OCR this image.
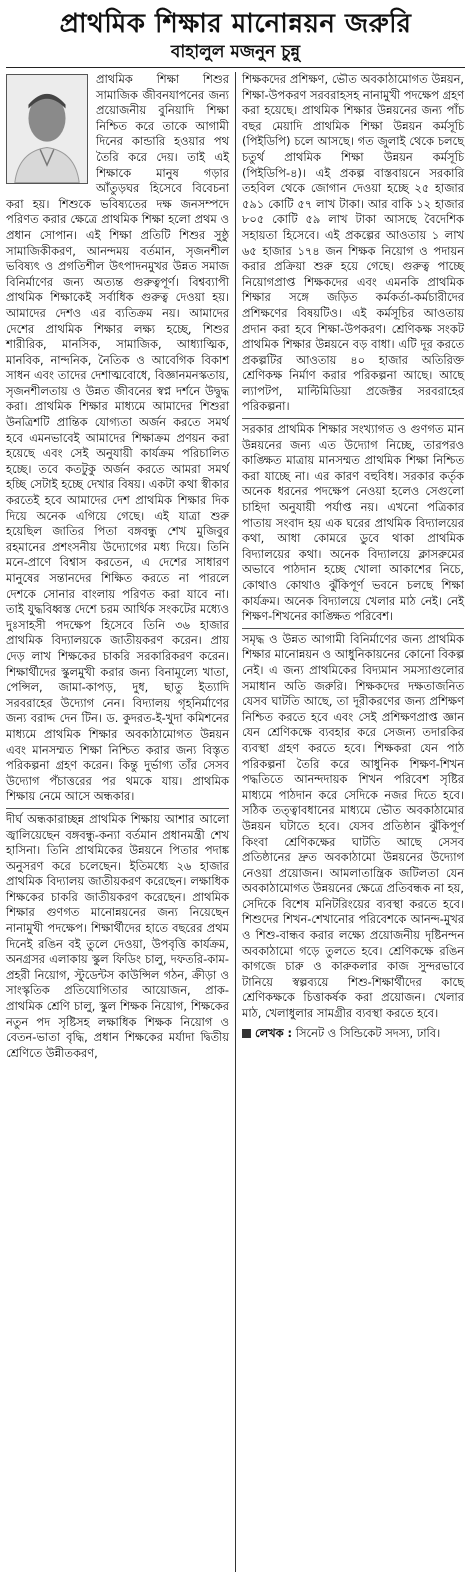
প্রাথমিক শিক্ষার মানোন্নয়ন জরুরি
বাহালুল মজনুন চুন্নু

প্রাথমিক শিক্ষা শিশুর সামাজিক জীবনযাপনের জন্য প্রয়োজনীয় বুনিয়াদি শিক্ষা নিশ্চিত করে তাকে আগামী দিনের কান্ডারি হওয়ার পথ তৈরি করে দেয়। তাই এই শিক্ষাকে মানুষ গড়ার আঁতুড়ঘর হিসেবে বিবেচনা করা হয়। শিশুকে ভবিষ্যতের দক্ষ জনসম্পদে পরিণত করার ক্ষেত্রে প্রাথমিক শিক্ষা হলো প্রথম ও প্রধান সোপান। এই শিক্ষা প্রতিটি শিশুর সুষ্ঠু সামাজিকীকরণ, আনন্দময় বর্তমান, সৃজনশীল ভবিষ্যৎ ও প্রগতিশীল উৎপাদনমুখর উন্নত সমাজ বিনির্মাণের জন্য অত্যন্ত গুরুত্বপূর্ণ। বিশ্বব্যাপী প্রাথমিক শিক্ষাকেই সর্বাধিক গুরুত্ব দেওয়া হয়। আমাদের দেশও এর ব্যতিক্রম নয়। আমাদের দেশের প্রাথমিক শিক্ষার লক্ষ্য হচ্ছে, শিশুর শারীরিক, মানসিক, সামাজিক, আধ্যাত্মিক, মানবিক, নান্দনিক, নৈতিক ও আবেগিক বিকাশ সাধন এবং তাদের দেশাত্মবোধে, বিজ্ঞানমনস্কতায়, সৃজনশীলতায় ও উন্নত জীবনের স্বপ্ন দর্শনে উদ্বুদ্ধ করা। প্রাথমিক শিক্ষার মাধ্যমে আমাদের শিশুরা উনত্রিশটি প্রান্তিক যোগ্যতা অর্জন করতে সমর্থ হবে এমনভাবেই আমাদের শিক্ষাক্রম প্রণয়ন করা হয়েছে এবং সেই অনুযায়ী কার্যক্রম পরিচালিত হচ্ছে। তবে কতটুকু অর্জন করতে আমরা সমর্থ হচ্ছি সেটাই হচ্ছে দেখার বিষয়। একটা কথা স্বীকার করতেই হবে আমাদের দেশ প্রাথমিক শিক্ষার দিক দিয়ে অনেক এগিয়ে গেছে। এই যাত্রা শুরু হয়েছিল জাতির পিতা বঙ্গবন্ধু শেখ মুজিবুর রহমানের প্রশংসনীয় উদ্যোগের মধ্য দিয়ে। তিনি মনে-প্রাণে বিশ্বাস করতেন, এ দেশের সাধারণ মানুষের সন্তানদের শিক্ষিত করতে না পারলে দেশকে সোনার বাংলায় পরিণত করা যাবে না। তাই যুদ্ধবিধ্বস্ত দেশে চরম আর্থিক সংকটের মধ্যেও দুঃসাহসী পদক্ষেপ হিসেবে তিনি ৩৬ হাজার প্রাথমিক বিদ্যালয়কে জাতীয়করণ করেন। প্রায় দেড় লাখ শিক্ষকের চাকরি সরকারিকরণ করেন। শিক্ষার্থীদের স্কুলমুখী করার জন্য বিনামূল্যে খাতা, পেন্সিল, জামা-কাপড়, দুধ, ছাতু ইত্যাদি সরবরাহের উদ্যোগ নেন। বিদ্যালয় গৃহনির্মাণের জন্য বরাদ্দ দেন টিন। ড. কুদরত-ই-খুদা কমিশনের মাধ্যমে প্রাথমিক শিক্ষার অবকাঠামোগত উন্নয়ন এবং মানসম্মত শিক্ষা নিশ্চিত করার জন্য বিস্তৃত পরিকল্পনা গ্রহণ করেন। কিন্তু দুর্ভাগ্য তাঁর সেসব উদ্যোগ পঁচাত্তরের পর থমকে যায়। প্রাথমিক শিক্ষায় নেমে আসে অন্ধকার।

দীর্ঘ অন্ধকারাচ্ছন্ন প্রাথমিক শিক্ষায় আশার আলো জ্বালিয়েছেন বঙ্গবন্ধু-কন্যা বর্তমান প্রধানমন্ত্রী শেখ হাসিনা। তিনি প্রাথমিকের উন্নয়নে পিতার পদাঙ্ক অনুসরণ করে চলেছেন। ইতিমধ্যে ২৬ হাজার প্রাথমিক বিদ্যালয় জাতীয়করণ করেছেন। লক্ষাধিক শিক্ষকের চাকরি জাতীয়করণ করেছেন। প্রাথমিক শিক্ষার গুণগত মানোন্নয়নের জন্য নিয়েছেন নানামুখী পদক্ষেপ। শিক্ষার্থীদের হাতে বছরের প্রথম দিনেই রঙিন বই তুলে দেওয়া, উপবৃত্তি কার্যক্রম, অনগ্রসর এলাকায় স্কুল ফিডিং চালু, দফতরি-কাম-প্রহরী নিয়োগ, স্টুডেন্টস কাউন্সিল গঠন, ক্রীড়া ও সাংস্কৃতিক প্রতিযোগিতার আয়োজন, প্রাক-প্রাথমিক শ্রেণি চালু, স্কুল শিক্ষক নিয়োগ, শিক্ষকের নতুন পদ সৃষ্টিসহ লক্ষাধিক শিক্ষক নিয়োগ ও বেতন-ভাতা বৃদ্ধি, প্রধান শিক্ষকের মর্যাদা দ্বিতীয় শ্রেণিতে উন্নীতকরণ,

শিক্ষকদের প্রশিক্ষণ, ভৌত অবকাঠামোগত উন্নয়ন, শিক্ষা-উপকরণ সরবরাহসহ নানামুখী পদক্ষেপ গ্রহণ করা হয়েছে। প্রাথমিক শিক্ষার উন্নয়নের জন্য পাঁচ বছর মেয়াদি প্রাথমিক শিক্ষা উন্নয়ন কর্মসূচি (পিইডিপি) চলে আসছে। গত জুলাই থেকে চলছে চতুর্থ প্রাথমিক শিক্ষা উন্নয়ন কর্মসূচি (পিইডিপি-৪)। এই প্রকল্প বাস্তবায়নে সরকারি তহবিল থেকে জোগান দেওয়া হচ্ছে ২৫ হাজার ৫৯১ কোটি ৫৭ লাখ টাকা। আর বাকি ১২ হাজার ৮০৫ কোটি ৫৯ লাখ টাকা আসছে বৈদেশিক সহায়তা হিসেবে। এই প্রকল্পের আওতায় ১ লাখ ৬৫ হাজার ১৭৪ জন শিক্ষক নিয়োগ ও পদায়ন করার প্রক্রিয়া শুরু হয়ে গেছে। গুরুত্ব পাচ্ছে নিয়োগপ্রাপ্ত শিক্ষকদের এবং এমনকি প্রাথমিক শিক্ষার সঙ্গে জড়িত কর্মকর্তা-কর্মচারীদের প্রশিক্ষণের বিষয়টিও। এই কর্মসূচির আওতায় প্রদান করা হবে শিক্ষা-উপকরণ। শ্রেণিকক্ষ সংকট প্রাথমিক শিক্ষার উন্নয়নে বড় বাধা। এটি দূর করতে প্রকল্পটির আওতায় ৪০ হাজার অতিরিক্ত শ্রেণিকক্ষ নির্মাণ করার পরিকল্পনা আছে। আছে ল্যাপটপ, মাল্টিমিডিয়া প্রজেক্টর সরবরাহের পরিকল্পনা।

সরকার প্রাথমিক শিক্ষার সংখ্যাগত ও গুণগত মান উন্নয়নের জন্য এত উদ্যোগ নিচ্ছে, তারপরও কাঙ্ক্ষিত মাত্রায় মানসম্মত প্রাথমিক শিক্ষা নিশ্চিত করা যাচ্ছে না। এর কারণ বহুবিধ। সরকার কর্তৃক অনেক ধরনের পদক্ষেপ নেওয়া হলেও সেগুলো চাহিদা অনুযায়ী পর্যাপ্ত নয়। এখনো পত্রিকার পাতায় সংবাদ হয় এক ঘরের প্রাথমিক বিদ্যালয়ের কথা, আধা কোমরে ডুবে থাকা প্রাথমিক বিদ্যালয়ের কথা। অনেক বিদ্যালয়ে ক্লাসরুমের অভাবে পাঠদান হচ্ছে খোলা আকাশের নিচে, কোথাও কোথাও ঝুঁকিপূর্ণ ভবনে চলছে শিক্ষা কার্যক্রম। অনেক বিদ্যালয়ে খেলার মাঠ নেই। নেই শিক্ষণ-শিখনের কাঙ্ক্ষিত পরিবেশ।

সমৃদ্ধ ও উন্নত আগামী বিনির্মাণের জন্য প্রাথমিক শিক্ষার মানোন্নয়ন ও আধুনিকায়নের কোনো বিকল্প নেই। এ জন্য প্রাথমিকের বিদ্যমান সমস্যাগুলোর সমাধান অতি জরুরি। শিক্ষকদের দক্ষতাজনিত যেসব ঘাটতি আছে, তা দূরীকরণের জন্য প্রশিক্ষণ নিশ্চিত করতে হবে এবং সেই প্রশিক্ষণপ্রাপ্ত জ্ঞান যেন শ্রেণিকক্ষে ব্যবহার করে সেজন্য তদারকির ব্যবস্থা গ্রহণ করতে হবে। শিক্ষকরা যেন পাঠ পরিকল্পনা তৈরি করে আধুনিক শিক্ষণ-শিখন পদ্ধতিতে আনন্দদায়ক শিখন পরিবেশ সৃষ্টির মাধ্যমে পাঠদান করে সেদিকে নজর দিতে হবে। সঠিক তত্ত্বাবধানের মাধ্যমে ভৌত অবকাঠামোর উন্নয়ন ঘটাতে হবে। যেসব প্রতিষ্ঠান ঝুঁকিপূর্ণ কিংবা শ্রেণিকক্ষের ঘাটতি আছে সেসব প্রতিষ্ঠানের দ্রুত অবকাঠামো উন্নয়নের উদ্যোগ নেওয়া প্রয়োজন। আমলাতান্ত্রিক জটিলতা যেন অবকাঠামোগত উন্নয়নের ক্ষেত্রে প্রতিবন্ধক না হয়, সেদিকে বিশেষ মনিটরিংয়ের ব্যবস্থা করতে হবে। শিশুদের শিখন-শেখানোর পরিবেশকে আনন্দ-মুখর ও শিশু-বান্ধব করার লক্ষ্যে প্রয়োজনীয় দৃষ্টিনন্দন অবকাঠামো গড়ে তুলতে হবে। শ্রেণিকক্ষে রঙিন কাগজে চারু ও কারুকলার কাজ সুন্দরভাবে টানিয়ে স্বল্পব্যয়ে শিশু-শিক্ষার্থীদের কাছে শ্রেণিকক্ষকে চিত্তাকর্ষক করা প্রয়োজন। খেলার মাঠ, খেলাধুলার সামগ্রীর ব্যবস্থা করতে হবে।

লেখক : সিনেট ও সিন্ডিকেট সদস্য, ঢাবি।
